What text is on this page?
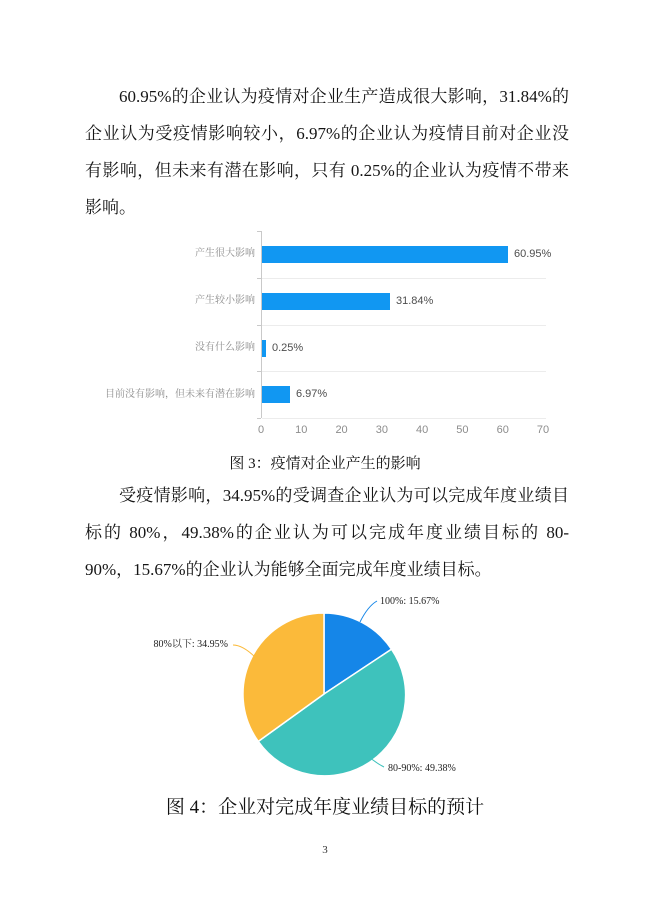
60.95%的企业认为疫情对企业生产造成很大影响，31.84%的企业认为受疫情影响较小，6.97%的企业认为疫情目前对企业没有影响，但未来有潜在影响，只有 0.25%的企业认为疫情不带来影响。

产生很大影响	60.95%
产生较小影响	31.84%
没有什么影响 0.25%
目前没有影响，但未来有潜在影响	6.97%
0	10	20	30	40	50	60	70
图 3：疫情对企业产生的影响

受疫情影响，34.95%的受调查企业认为可以完成年度业绩目标的 80%，49.38%的企业认为可以完成年度业绩目标的 80-90%，15.67%的企业认为能够全面完成年度业绩目标。

100%: 15.67%
80-90%: 49.38%
80%以下: 34.95%
图 4：企业对完成年度业绩目标的预计
3
